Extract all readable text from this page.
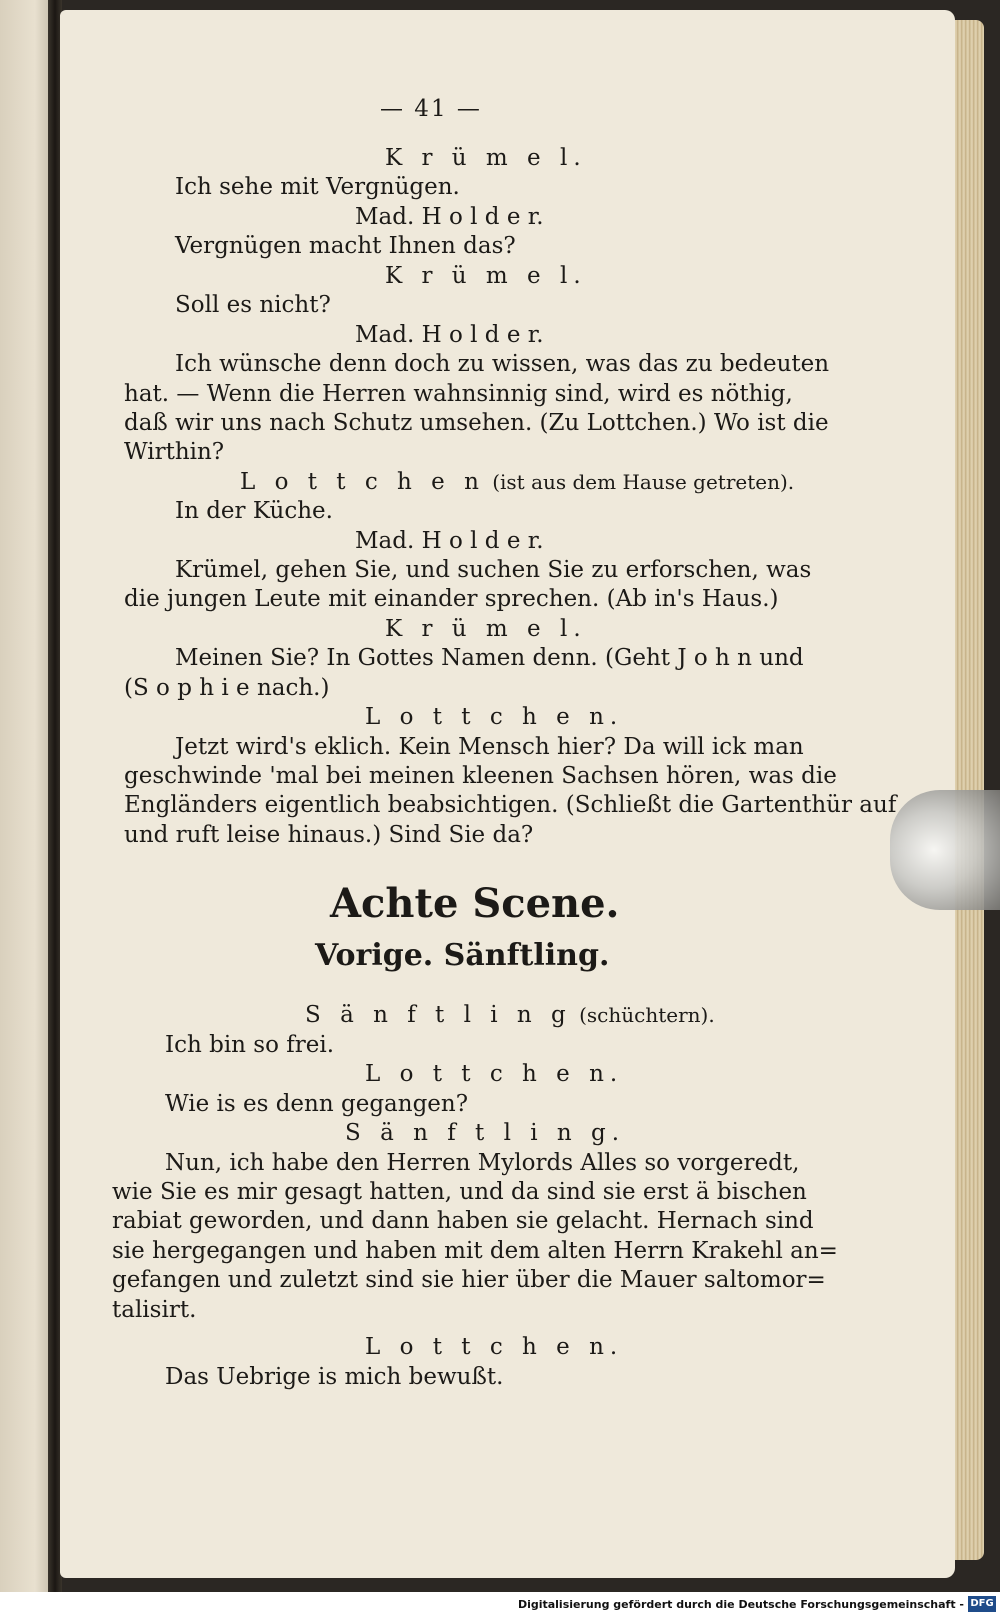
— 41 —
K r ü m e l.
Ich sehe mit Vergnügen.
Mad. H o l d e r.
Vergnügen macht Ihnen das?
K r ü m e l.
Soll es nicht?
Mad. H o l d e r.
Ich wünsche denn doch zu wissen, was das zu bedeuten
hat. — Wenn die Herren wahnsinnig sind, wird es nöthig,
daß wir uns nach Schutz umsehen. (Zu Lottchen.) Wo ist die
Wirthin?
L o t t c h e n (ist aus dem Hause getreten).
In der Küche.
Mad. H o l d e r.
Krümel, gehen Sie, und suchen Sie zu erforschen, was
die jungen Leute mit einander sprechen. (Ab in's Haus.)
K r ü m e l.
Meinen Sie? In Gottes Namen denn. (Geht J o h n und
(S o p h i e nach.)
L o t t c h e n.
Jetzt wird's eklich. Kein Mensch hier? Da will ick man
geschwinde 'mal bei meinen kleenen Sachsen hören, was die
Engländers eigentlich beabsichtigen. (Schließt die Gartenthür auf
und ruft leise hinaus.) Sind Sie da?
Achte Scene.
Vorige. Sänftling.
S ä n f t l i n g (schüchtern).
Ich bin so frei.
L o t t c h e n.
Wie is es denn gegangen?
S ä n f t l i n g.
Nun, ich habe den Herren Mylords Alles so vorgeredt,
wie Sie es mir gesagt hatten, und da sind sie erst ä bischen
rabiat geworden, und dann haben sie gelacht. Hernach sind
sie hergegangen und haben mit dem alten Herrn Krakehl an=
gefangen und zuletzt sind sie hier über die Mauer saltomor=
talisirt.
L o t t c h e n.
Das Uebrige is mich bewußt.
Digitalisierung gefördert durch die Deutsche Forschungsgemeinschaft - DFG
